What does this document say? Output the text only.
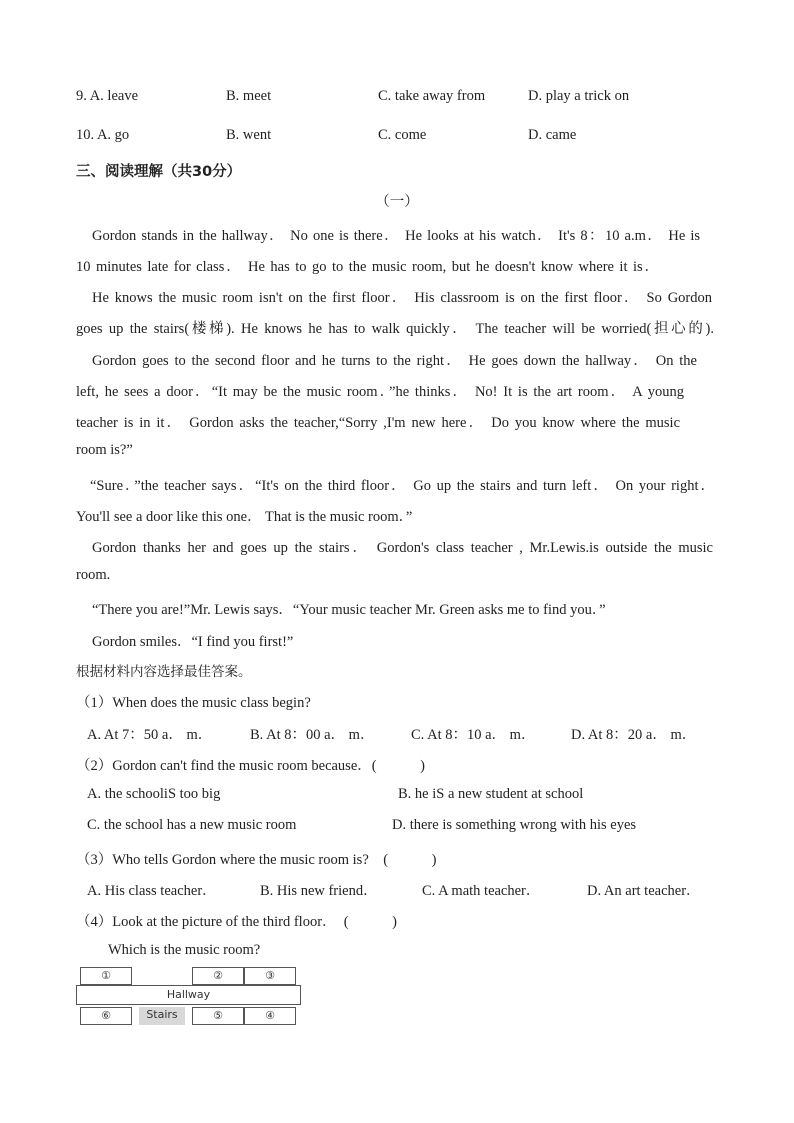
9. A. leave	B. meet	C. take away from	D. play a trick on
10. A. go	B. went	C. come	D. came
三、阅读理解（共30分）
（一）
Gordon stands in the hallway． No one is there． He looks at his watch． It's 8：10 a.m． He is
10 minutes late for class． He has to go to the music room, but he doesn't know where it is．
He knows the music room isn't on the first floor． His classroom is on the first floor． So Gordon
goes up the stairs(楼梯). He knows he has to walk quickly． The teacher will be worried(担心的).
Gordon goes to the second floor and he turns to the right． He goes down the hallway． On the
left, he sees a door．“It may be the music room．”he thinks． No! It is the art room． A young
teacher is in it． Gordon asks the teacher,“Sorry ,I'm new here． Do you know where the music
room is?”
“Sure．”the teacher says．“It's on the third floor． Go up the stairs and turn left． On your right．
You'll see a door like this one． That is the music room．”
Gordon thanks her and goes up the stairs． Gordon's class teacher , Mr.Lewis.is outside the music
room.
“There you are!”Mr. Lewis says．“Your music teacher Mr. Green asks me to find you．”
Gordon smiles．“I find you first!”
根据材料内容选择最佳答案。
（1）When does the music class begin?
A. At 7：50 a． m．	B. At 8：00 a． m．	C. At 8：10 a． m． D. At 8：20 a． m．
（2）Gordon can't find the music room because．(　　　)
A. the schooliS too big	B. he iS a new student at school
C. the school has a new music room	D. there is something wrong with his eyes
（3）Who tells Gordon where the music room is?　(　　　)
A. His class teacher．	B. His new friend．	C. A math teacher．	D. An art teacher．
（4）Look at the picture of the third floor．　(　　　)
Which is the music room?
①	②	③
Hallway
⑥	Stairs	⑤	④
